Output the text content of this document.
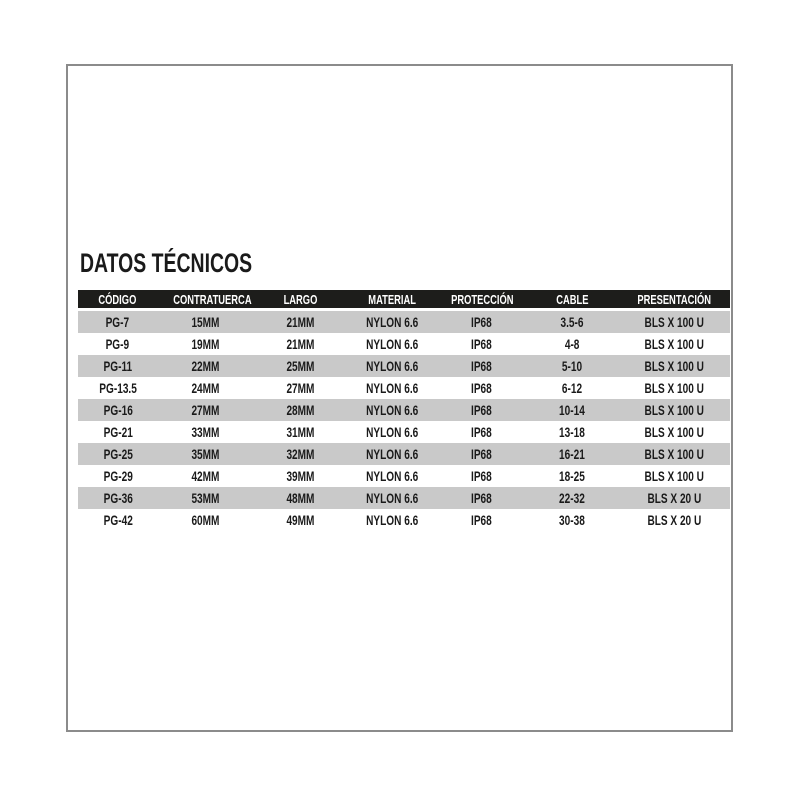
DATOS TÉCNICOS
CÓDIGO	CONTRATUERCA	LARGO	MATERIAL	PROTECCIÓN	CABLE	PRESENTACIÓN
PG-7	15MM	21MM	NYLON 6.6	IP68	3.5-6	BLS X 100 U
PG-9	19MM	21MM	NYLON 6.6	IP68	4-8	BLS X 100 U
PG-11	22MM	25MM	NYLON 6.6	IP68	5-10	BLS X 100 U
PG-13.5	24MM	27MM	NYLON 6.6	IP68	6-12	BLS X 100 U
PG-16	27MM	28MM	NYLON 6.6	IP68	10-14	BLS X 100 U
PG-21	33MM	31MM	NYLON 6.6	IP68	13-18	BLS X 100 U
PG-25	35MM	32MM	NYLON 6.6	IP68	16-21	BLS X 100 U
PG-29	42MM	39MM	NYLON 6.6	IP68	18-25	BLS X 100 U
PG-36	53MM	48MM	NYLON 6.6	IP68	22-32	BLS X 20 U
PG-42	60MM	49MM	NYLON 6.6	IP68	30-38	BLS X 20 U
